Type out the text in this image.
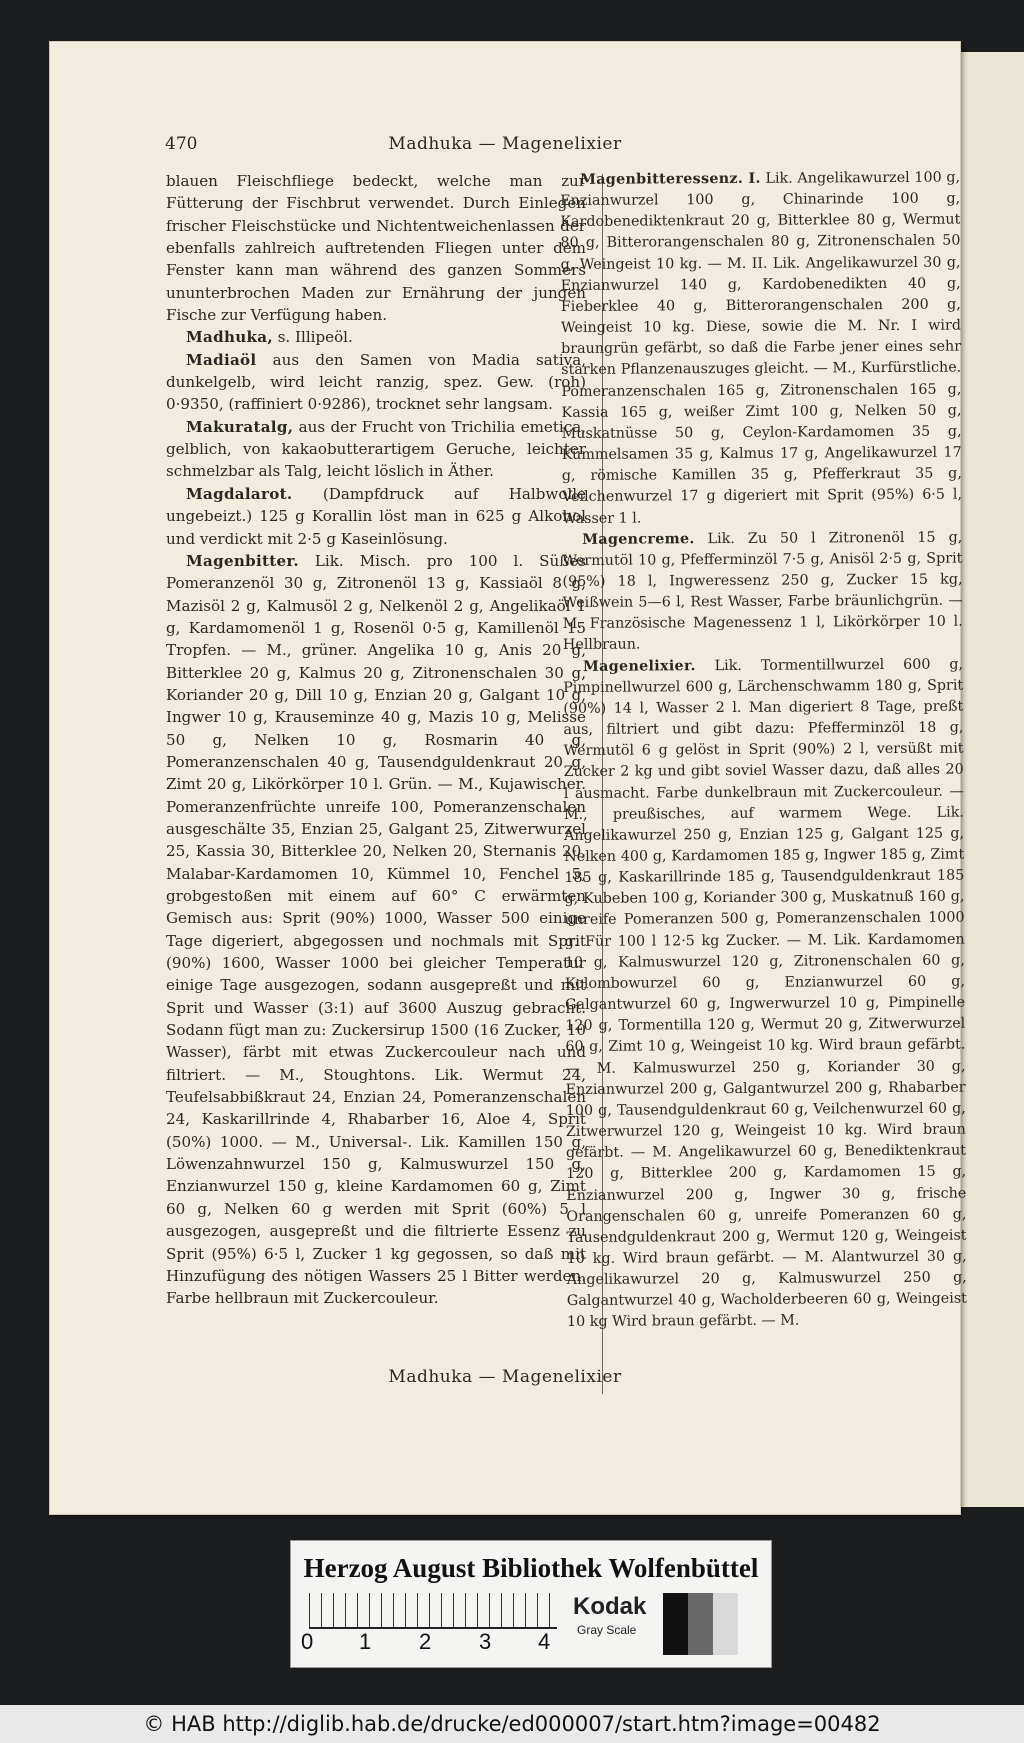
470	Madhuka — Magenelixier

blauen Fleischfliege bedeckt, welche man zur Fütterung der Fischbrut verwendet. Durch Einlegen frischer Fleischstücke und Nichtentweichenlassen der ebenfalls zahlreich auftretenden Fliegen unter dem Fenster kann man während des ganzen Sommers ununterbrochen Maden zur Ernährung der jungen Fische zur Verfügung haben.

Madhuka, s. Illipeöl.

Madiaöl aus den Samen von Madia sativa, dunkelgelb, wird leicht ranzig, spez. Gew. (roh) 0·9350, (raffiniert 0·9286), trocknet sehr langsam.

Makuratalg, aus der Frucht von Trichilia emetica, gelblich, von kakaobutterartigem Geruche, leichter schmelzbar als Talg, leicht löslich in Äther.

Magdalarot. (Dampfdruck auf Halbwolle ungebeizt.) 125 g Korallin löst man in 625 g Alkohol und verdickt mit 2·5 g Kaseinlösung.

Magenbitter. Lik. Misch. pro 100 l. Süßes Pomeranzenöl 30 g, Zitronenöl 13 g, Kassiaöl 8 g, Mazisöl 2 g, Kalmusöl 2 g, Nelkenöl 2 g, Angelikaöl 1 g, Kardamomenöl 1 g, Rosenöl 0·5 g, Kamillenöl 15 Tropfen. — M., grüner. Angelika 10 g, Anis 20 g, Bitterklee 20 g, Kalmus 20 g, Zitronenschalen 30 g, Koriander 20 g, Dill 10 g, Enzian 20 g, Galgant 10 g, Ingwer 10 g, Krauseminze 40 g, Mazis 10 g, Melisse 50 g, Nelken 10 g, Rosmarin 40 g, Pomeranzenschalen 40 g, Tausendguldenkraut 20 g, Zimt 20 g, Likörkörper 10 l. Grün. — M., Kujawischer. Pomeranzenfrüchte unreife 100, Pomeranzenschalen ausgeschälte 35, Enzian 25, Galgant 25, Zitwerwurzel 25, Kassia 30, Bitterklee 20, Nelken 20, Sternanis 20, Malabar-Kardamomen 10, Kümmel 10, Fenchel 5, grobgestoßen mit einem auf 60° C erwärmten Gemisch aus: Sprit (90%) 1000, Wasser 500 einige Tage digeriert, abgegossen und nochmals mit Sprit (90%) 1600, Wasser 1000 bei gleicher Temperatur einige Tage ausgezogen, sodann ausgepreßt und mit Sprit und Wasser (3:1) auf 3600 Auszug gebracht. Sodann fügt man zu: Zuckersirup 1500 (16 Zucker, 10 Wasser), färbt mit etwas Zuckercouleur nach und filtriert. — M., Stoughtons. Lik. Wermut 24, Teufelsabbißkraut 24, Enzian 24, Pomeranzenschalen 24, Kaskarillrinde 4, Rhabarber 16, Aloe 4, Sprit (50%) 1000. — M., Universal-. Lik. Kamillen 150 g, Löwenzahnwurzel 150 g, Kalmuswurzel 150 g, Enzianwurzel 150 g, kleine Kardamomen 60 g, Zimt 60 g, Nelken 60 g werden mit Sprit (60%) 5 l ausgezogen, ausgepreßt und die filtrierte Essenz zu Sprit (95%) 6·5 l, Zucker 1 kg gegossen, so daß mit Hinzufügung des nötigen Wassers 25 l Bitter werden. Farbe hellbraun mit Zuckercouleur.

Magenbitteressenz. I. Lik. Angelikawurzel 100 g, Enzianwurzel 100 g, Chinarinde 100 g, Kardobenediktenkraut 20 g, Bitterklee 80 g, Wermut 80 g, Bitterorangenschalen 80 g, Zitronenschalen 50 g, Weingeist 10 kg. — M. II. Lik. Angelikawurzel 30 g, Enzianwurzel 140 g, Kardobenedikten 40 g, Fieberklee 40 g, Bitterorangenschalen 200 g, Weingeist 10 kg. Diese, sowie die M. Nr. I wird braungrün gefärbt, so daß die Farbe jener eines sehr starken Pflanzenauszuges gleicht. — M., Kurfürstliche. Pomeranzenschalen 165 g, Zitronenschalen 165 g, Kassia 165 g, weißer Zimt 100 g, Nelken 50 g, Muskatnüsse 50 g, Ceylon-Kardamomen 35 g, Kümmelsamen 35 g, Kalmus 17 g, Angelikawurzel 17 g, römische Kamillen 35 g, Pfefferkraut 35 g, Veilchenwurzel 17 g digeriert mit Sprit (95%) 6·5 l, Wasser 1 l.

Magencreme. Lik. Zu 50 l Zitronenöl 15 g, Wermutöl 10 g, Pfefferminzöl 7·5 g, Anisöl 2·5 g, Sprit (95%) 18 l, Ingweressenz 250 g, Zucker 15 kg, Weißwein 5—6 l, Rest Wasser, Farbe bräunlichgrün. — M. Französische Magenessenz 1 l, Likörkörper 10 l. Hellbraun.

Magenelixier. Lik. Tormentillwurzel 600 g, Pimpinellwurzel 600 g, Lärchenschwamm 180 g, Sprit (90%) 14 l, Wasser 2 l. Man digeriert 8 Tage, preßt aus, filtriert und gibt dazu: Pfefferminzöl 18 g, Wermutöl 6 g gelöst in Sprit (90%) 2 l, versüßt mit Zucker 2 kg und gibt soviel Wasser dazu, daß alles 20 l ausmacht. Farbe dunkelbraun mit Zuckercouleur. — M., preußisches, auf warmem Wege. Lik. Angelikawurzel 250 g, Enzian 125 g, Galgant 125 g, Nelken 400 g, Kardamomen 185 g, Ingwer 185 g, Zimt 185 g, Kaskarillrinde 185 g, Tausendguldenkraut 185 g, Kubeben 100 g, Koriander 300 g, Muskatnuß 160 g, unreife Pomeranzen 500 g, Pomeranzenschalen 1000 g. Für 100 l 12·5 kg Zucker. — M. Lik. Kardamomen 10 g, Kalmuswurzel 120 g, Zitronenschalen 60 g, Kolombowurzel 60 g, Enzianwurzel 60 g, Galgantwurzel 60 g, Ingwerwurzel 10 g, Pimpinelle 120 g, Tormentilla 120 g, Wermut 20 g, Zitwerwurzel 60 g, Zimt 10 g, Weingeist 10 kg. Wird braun gefärbt. — M. Kalmuswurzel 250 g, Koriander 30 g, Enzianwurzel 200 g, Galgantwurzel 200 g, Rhabarber 100 g, Tausendguldenkraut 60 g, Veilchenwurzel 60 g, Zitwerwurzel 120 g, Weingeist 10 kg. Wird braun gefärbt. — M. Angelikawurzel 60 g, Benediktenkraut 120 g, Bitterklee 200 g, Kardamomen 15 g, Enzianwurzel 200 g, Ingwer 30 g, frische Orangenschalen 60 g, unreife Pomeranzen 60 g, Tausendguldenkraut 200 g, Wermut 120 g, Weingeist 10 kg. Wird braun gefärbt. — M. Alantwurzel 30 g, Angelikawurzel 20 g, Kalmuswurzel 250 g, Galgantwurzel 40 g, Wacholderbeeren 60 g, Weingeist 10 kg Wird braun gefärbt. — M.

Madhuka — Magenelixier
Herzog August Bibliothek Wolfenbüttel
0 1 2 3 4
Kodak
Gray Scale
© HAB http://diglib.hab.de/drucke/ed000007/start.htm?image=00482
